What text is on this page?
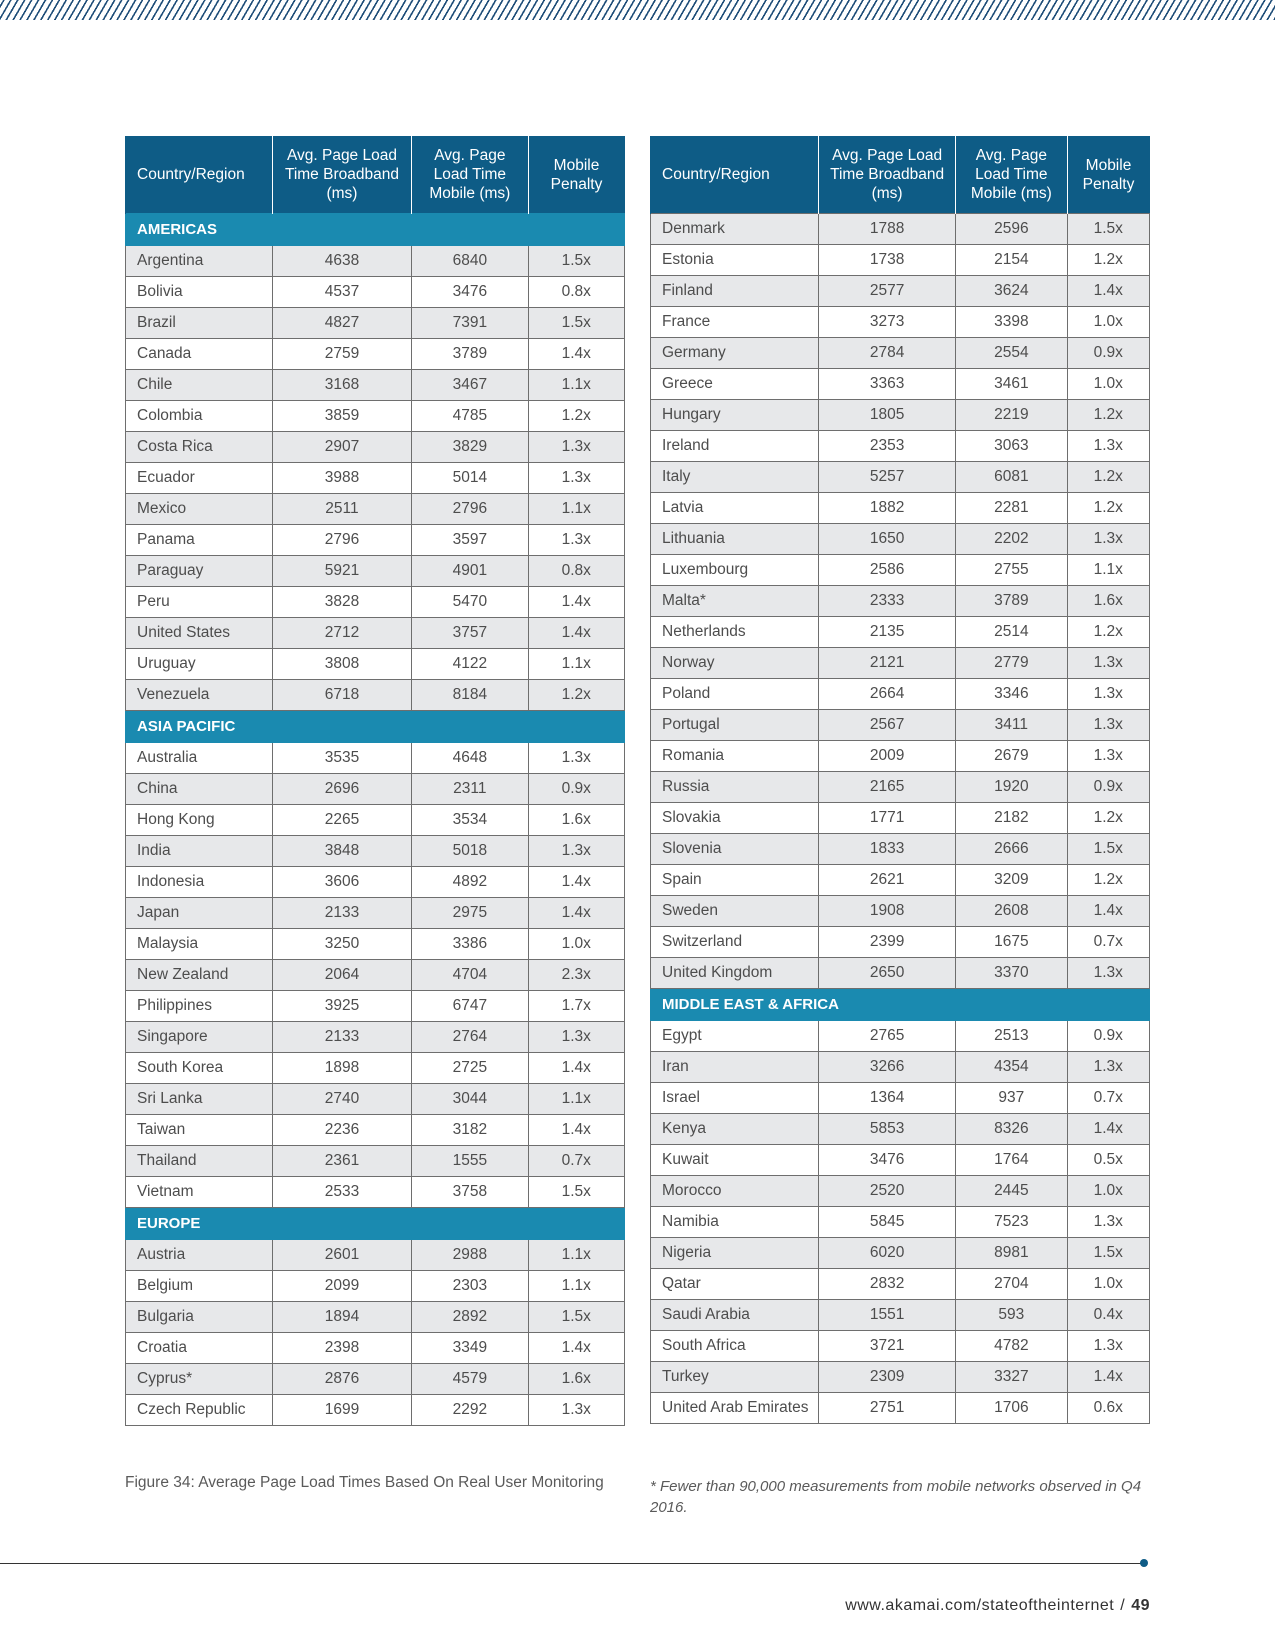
Country/Region	Avg. Page Load Time Broadband (ms)	Avg. Page Load Time Mobile (ms)	Mobile Penalty
AMERICAS			
Argentina	4638	6840	1.5x
Bolivia	4537	3476	0.8x
Brazil	4827	7391	1.5x
Canada	2759	3789	1.4x
Chile	3168	3467	1.1x
Colombia	3859	4785	1.2x
Costa Rica	2907	3829	1.3x
Ecuador	3988	5014	1.3x
Mexico	2511	2796	1.1x
Panama	2796	3597	1.3x
Paraguay	5921	4901	0.8x
Peru	3828	5470	1.4x
United States	2712	3757	1.4x
Uruguay	3808	4122	1.1x
Venezuela	6718	8184	1.2x
ASIA PACIFIC			
Australia	3535	4648	1.3x
China	2696	2311	0.9x
Hong Kong	2265	3534	1.6x
India	3848	5018	1.3x
Indonesia	3606	4892	1.4x
Japan	2133	2975	1.4x
Malaysia	3250	3386	1.0x
New Zealand	2064	4704	2.3x
Philippines	3925	6747	1.7x
Singapore	2133	2764	1.3x
South Korea	1898	2725	1.4x
Sri Lanka	2740	3044	1.1x
Taiwan	2236	3182	1.4x
Thailand	2361	1555	0.7x
Vietnam	2533	3758	1.5x
EUROPE			
Austria	2601	2988	1.1x
Belgium	2099	2303	1.1x
Bulgaria	1894	2892	1.5x
Croatia	2398	3349	1.4x
Cyprus*	2876	4579	1.6x
Czech Republic	1699	2292	1.3x
Country/Region	Avg. Page Load Time Broadband (ms)	Avg. Page Load Time Mobile (ms)	Mobile Penalty
Denmark	1788	2596	1.5x
Estonia	1738	2154	1.2x
Finland	2577	3624	1.4x
France	3273	3398	1.0x
Germany	2784	2554	0.9x
Greece	3363	3461	1.0x
Hungary	1805	2219	1.2x
Ireland	2353	3063	1.3x
Italy	5257	6081	1.2x
Latvia	1882	2281	1.2x
Lithuania	1650	2202	1.3x
Luxembourg	2586	2755	1.1x
Malta*	2333	3789	1.6x
Netherlands	2135	2514	1.2x
Norway	2121	2779	1.3x
Poland	2664	3346	1.3x
Portugal	2567	3411	1.3x
Romania	2009	2679	1.3x
Russia	2165	1920	0.9x
Slovakia	1771	2182	1.2x
Slovenia	1833	2666	1.5x
Spain	2621	3209	1.2x
Sweden	1908	2608	1.4x
Switzerland	2399	1675	0.7x
United Kingdom	2650	3370	1.3x
MIDDLE EAST & AFRICA			
Egypt	2765	2513	0.9x
Iran	3266	4354	1.3x
Israel	1364	937	0.7x
Kenya	5853	8326	1.4x
Kuwait	3476	1764	0.5x
Morocco	2520	2445	1.0x
Namibia	5845	7523	1.3x
Nigeria	6020	8981	1.5x
Qatar	2832	2704	1.0x
Saudi Arabia	1551	593	0.4x
South Africa	3721	4782	1.3x
Turkey	2309	3327	1.4x
United Arab Emirates	2751	1706	0.6x
Figure 34: Average Page Load Times Based On Real User Monitoring	* Fewer than 90,000 measurements from mobile networks observed in Q4 2016.
www.akamai.com/stateoftheinternet / 49
